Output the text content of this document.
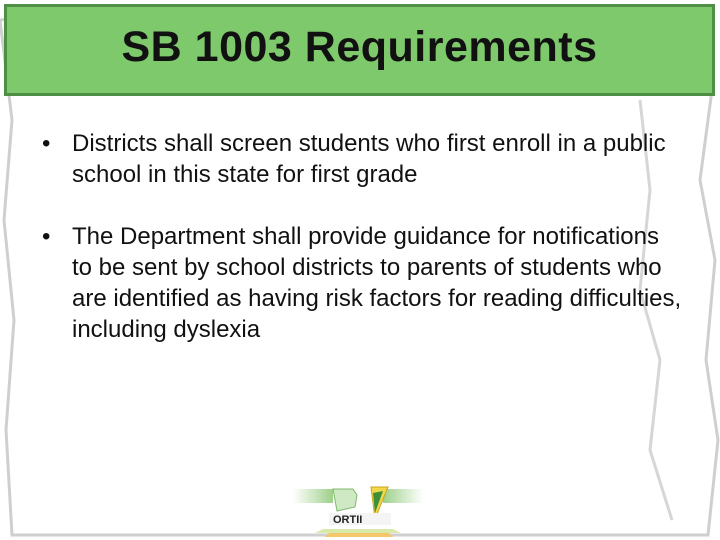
SB 1003 Requirements
• Districts shall screen students who first enroll in a public school in this state for first grade
• The Department shall provide guidance for notifications to be sent by school districts to parents of students who are identified as having risk factors for reading difficulties, including dyslexia
ORTII
